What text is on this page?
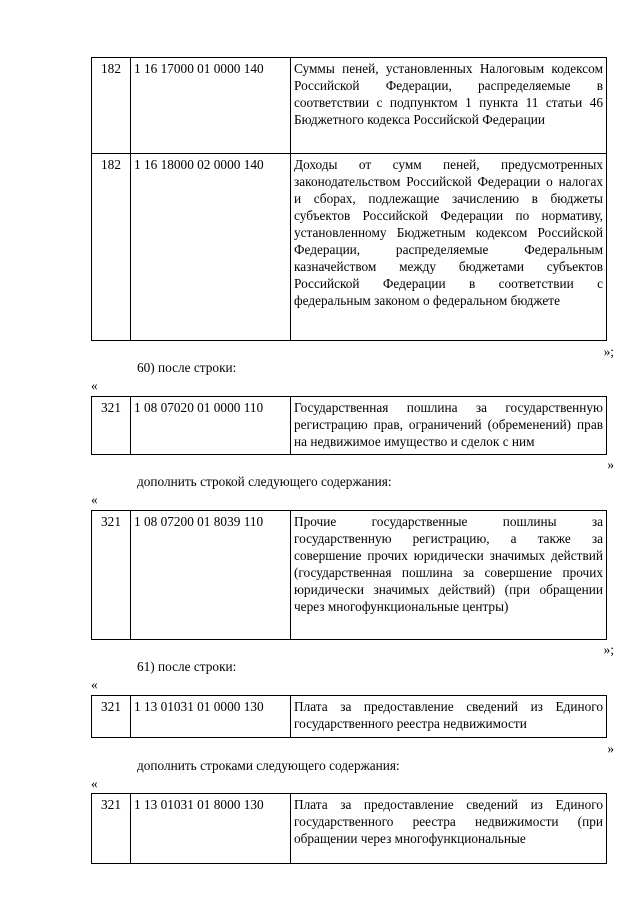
182	1 16 17000 01 0000 140	Суммы пеней, установленных Налоговым кодексом Российской Федерации, распределяемые в соответствии с подпунктом 1 пункта 11 статьи 46 Бюджетного кодекса Российской Федерации
182	1 16 18000 02 0000 140	Доходы от сумм пеней, предусмотренных законодательством Российской Федерации о налогах и сборах, подлежащие зачислению в бюджеты субъектов Российской Федерации по нормативу, установленному Бюджетным кодексом Российской Федерации, распределяемые Федеральным казначейством между бюджетами субъектов Российской Федерации в соответствии с федеральным законом о федеральном бюджете
»;
60) после строки:
«
321	1 08 07020 01 0000 110	Государственная пошлина за государственную регистрацию прав, ограничений (обременений) прав на недвижимое имущество и сделок с ним
»
дополнить строкой следующего содержания:
«
321	1 08 07200 01 8039 110	Прочие государственные пошлины за государственную регистрацию, а также за совершение прочих юридически значимых действий (государственная пошлина за совершение прочих юридически значимых действий) (при обращении через многофункциональные центры)
»;
61) после строки:
«
321	1 13 01031 01 0000 130	Плата за предоставление сведений из Единого государственного реестра недвижимости
»
дополнить строками следующего содержания:
«
321	1 13 01031 01 8000 130	Плата за предоставление сведений из Единого государственного реестра недвижимости (при обращении через многофункциональные
